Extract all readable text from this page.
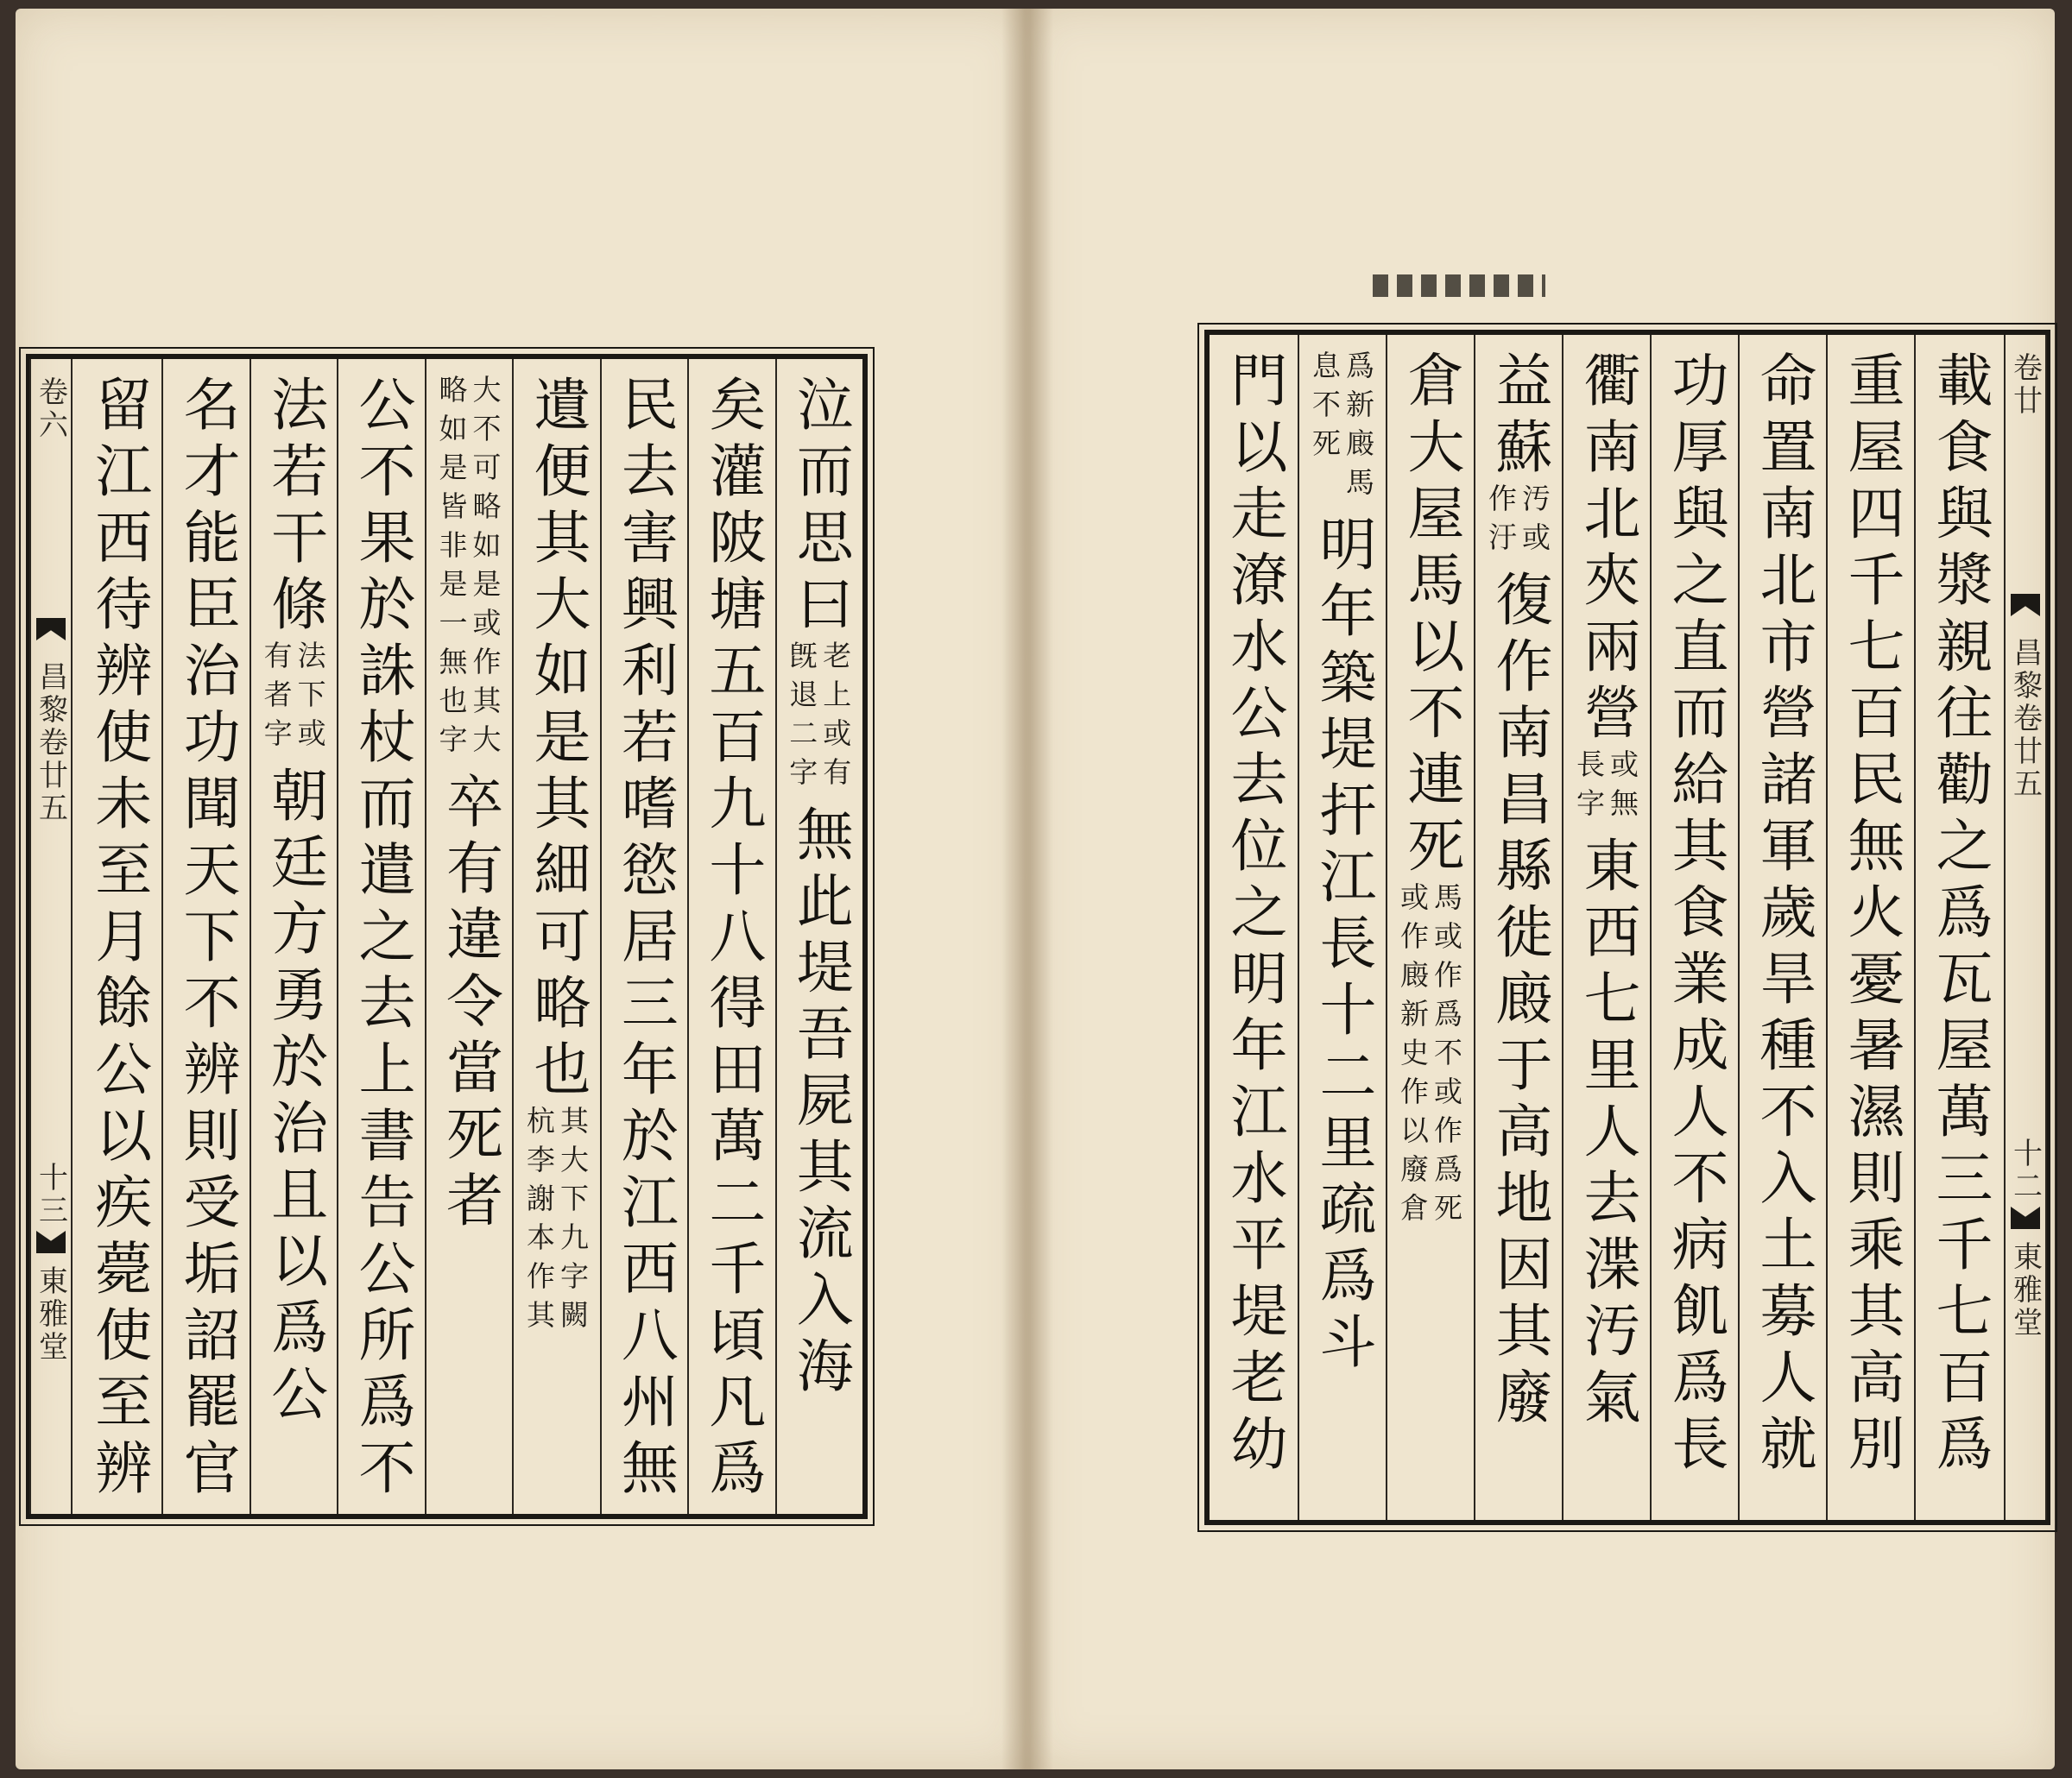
卷六
昌黎卷廿五
十三
東雅堂
泣而思曰
老上或有
旣退二字
無此堤吾屍其流入海
矣灌陂塘五百九十八得田萬二千頃凡爲
民去害興利若嗜慾居三年於江西八州無
遺便其大如是其細可略也
其大下九字闕
杭李謝本作其
大不可略如是或作其大
略如是皆非是一無也字
卒有違令當死者
公不果於誅杖而遣之去上書告公所爲不
法若干條
法下或
有者字
朝廷方勇於治且以爲公
名才能臣治功聞天下不辨則受垢詔罷官
留江西待辨使未至月餘公以疾薨使至辨	卷廿
昌黎卷廿五
十二
東雅堂
載食與漿親往勸之爲瓦屋萬三千七百爲
重屋四千七百民無火憂暑濕則乘其高別
命置南北市營諸軍歲旱種不入土募人就
功厚與之直而給其食業成人不病飢爲長
衢南北夾兩營
或無
長字
東西七里人去渫汚氣
益蘇
汚或
作汙
復作南昌縣徙廄于高地因其廢
倉大屋馬以不連死
馬或作爲不或作爲死
或作廄新史作以廢倉
爲新廄馬
息不死
明年築堤扞江長十二里疏爲斗
門以走潦水公去位之明年江水平堤老幼
